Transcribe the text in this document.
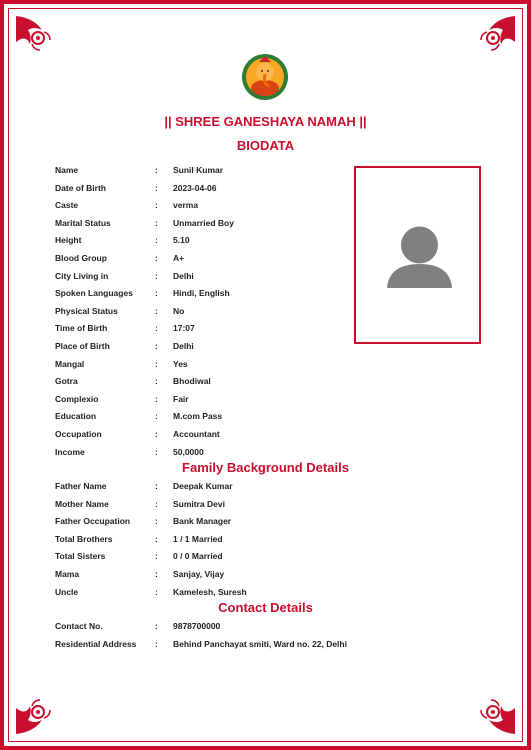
|| SHREE GANESHAYA NAMAH ||
BIODATA
Name	: Sunil Kumar
Date of Birth	: 2023-04-06
Caste	: verma
Marital Status	: Unmarried Boy
Height	: 5.10
Blood Group	: A+
City Living in	: Delhi
Spoken Languages	: Hindi, English
Physical Status	: No
Time of Birth	: 17:07
Place of Birth	: Delhi
Mangal	: Yes
Gotra	: Bhodiwal
Complexio	: Fair
Education	: M.com Pass
Occupation	: Accountant
Income	: 50,0000
Family Background Details
Father Name	: Deepak Kumar
Mother Name	: Sumitra Devi
Father Occupation	: Bank Manager
Total Brothers	: 1 / 1 Married
Total Sisters	: 0 / 0 Married
Mama	: Sanjay, Vijay
Uncle	: Kamelesh, Suresh
Contact Details
Contact No.	: 9878700000
Residential Address : Behind Panchayat smiti, Ward no. 22, Delhi
